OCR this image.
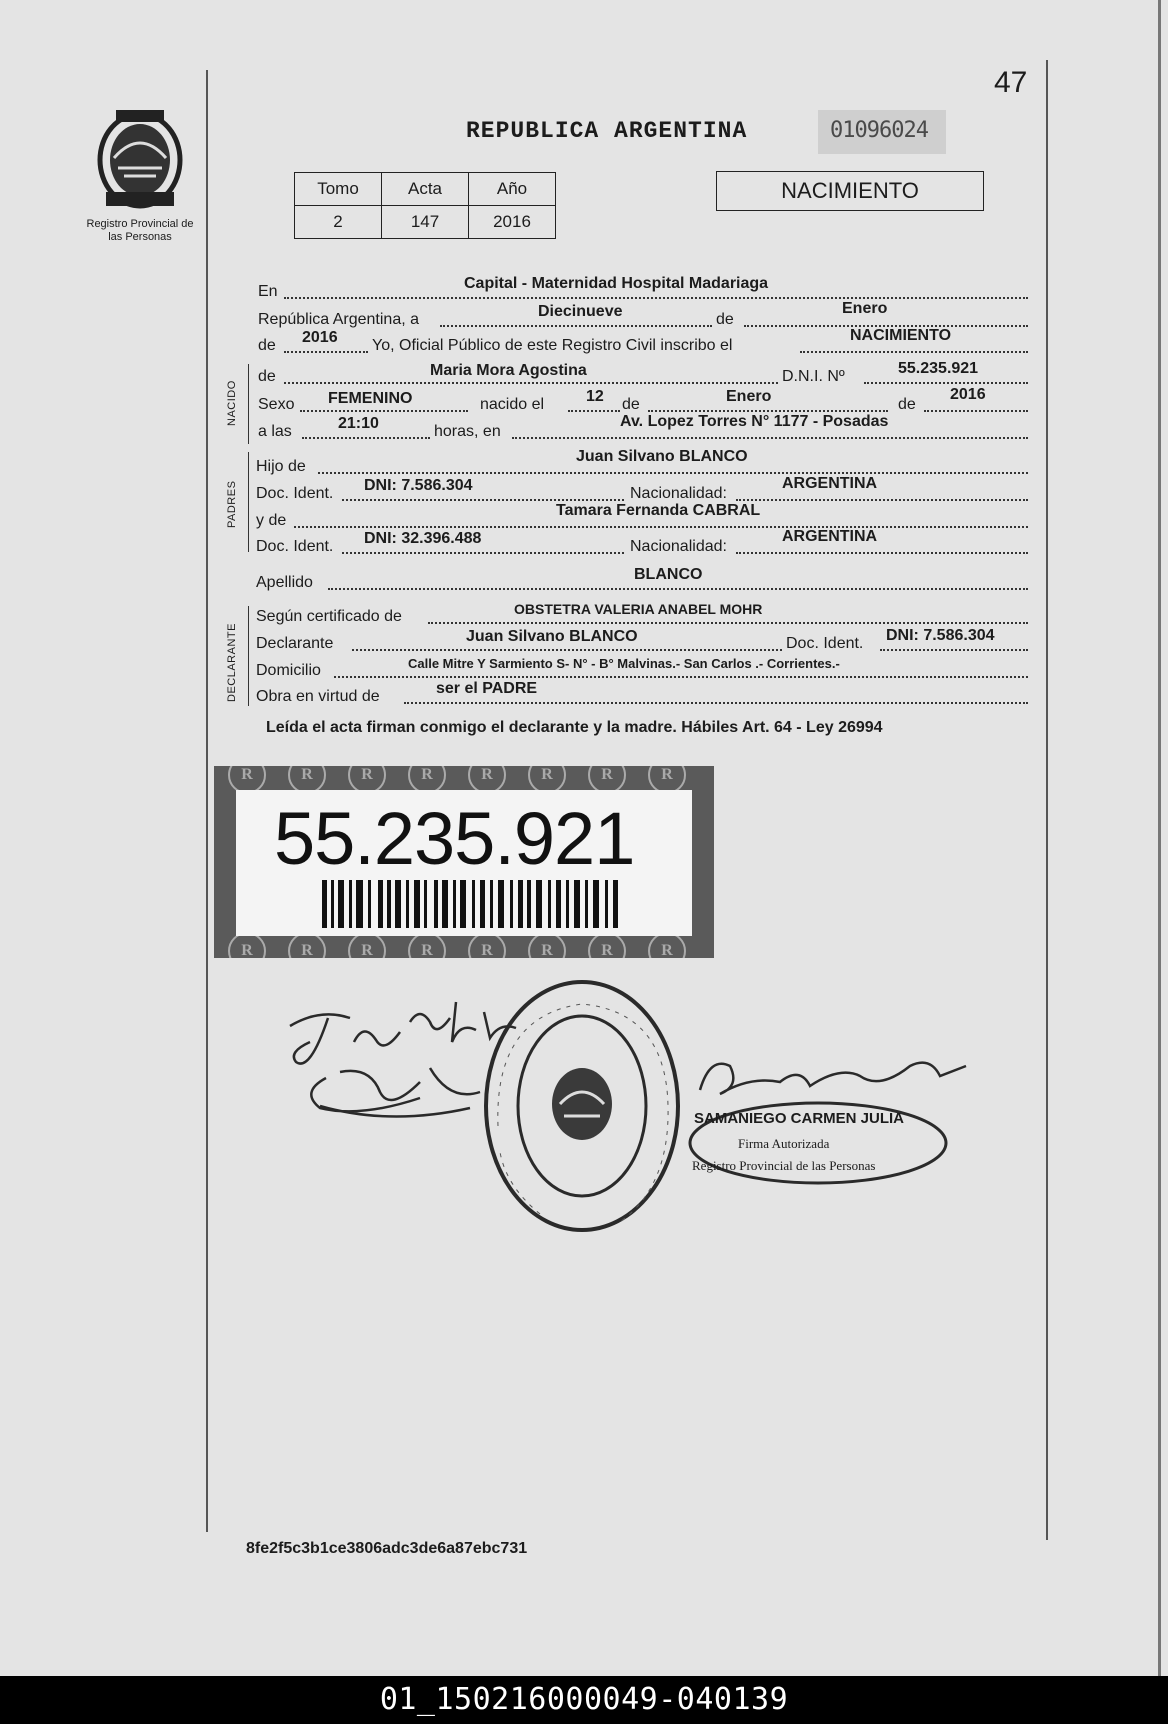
47
Registro Provincial de las Personas
REPUBLICA ARGENTINA	01096024
Tomo	Acta	Año
2	147	2016
NACIMIENTO
En	Capital - Maternidad Hospital Madariaga
República Argentina, a	Diecinueve	de
Enero
de 2016 Yo, Oficial Público de este Registro Civil inscribo el
NACIMIENTO
NACIDO
de	Maria Mora Agostina	D.N.I. Nº	55.235.921
Sexo FEMENINO	nacido el	12 de	Enero	de
2016
a las	21:10	horas, en
Av. Lopez Torres N° 1177 - Posadas
PADRES
Hijo de
Juan Silvano BLANCO
Doc. Ident. DNI: 7.586.304	Nacionalidad:
ARGENTINA
y de
Tamara Fernanda CABRAL
Doc. Ident. DNI: 32.396.488	Nacionalidad:
ARGENTINA
Apellido	BLANCO
DECLARANTE
Según certificado de	OBSTETRA VALERIA ANABEL MOHR
Declarante	Juan Silvano BLANCO	Doc. Ident. DNI: 7.586.304
Domicilio	Calle Mitre Y Sarmiento S- N° - B° Malvinas.- San Carlos .- Corrientes.-
Obra en virtud de	ser el PADRE
Leída el acta firman conmigo el declarante y la madre. Hábiles Art. 64 - Ley 26994
R	R	R	R	R	R	R	R
R	R	R	R	R	R	R	R
55.235.921
SAMANIEGO CARMEN JULIA
Firma Autorizada
Registro Provincial de las Personas
8fe2f5c3b1ce3806adc3de6a87ebc731
01_150216000049-040139
